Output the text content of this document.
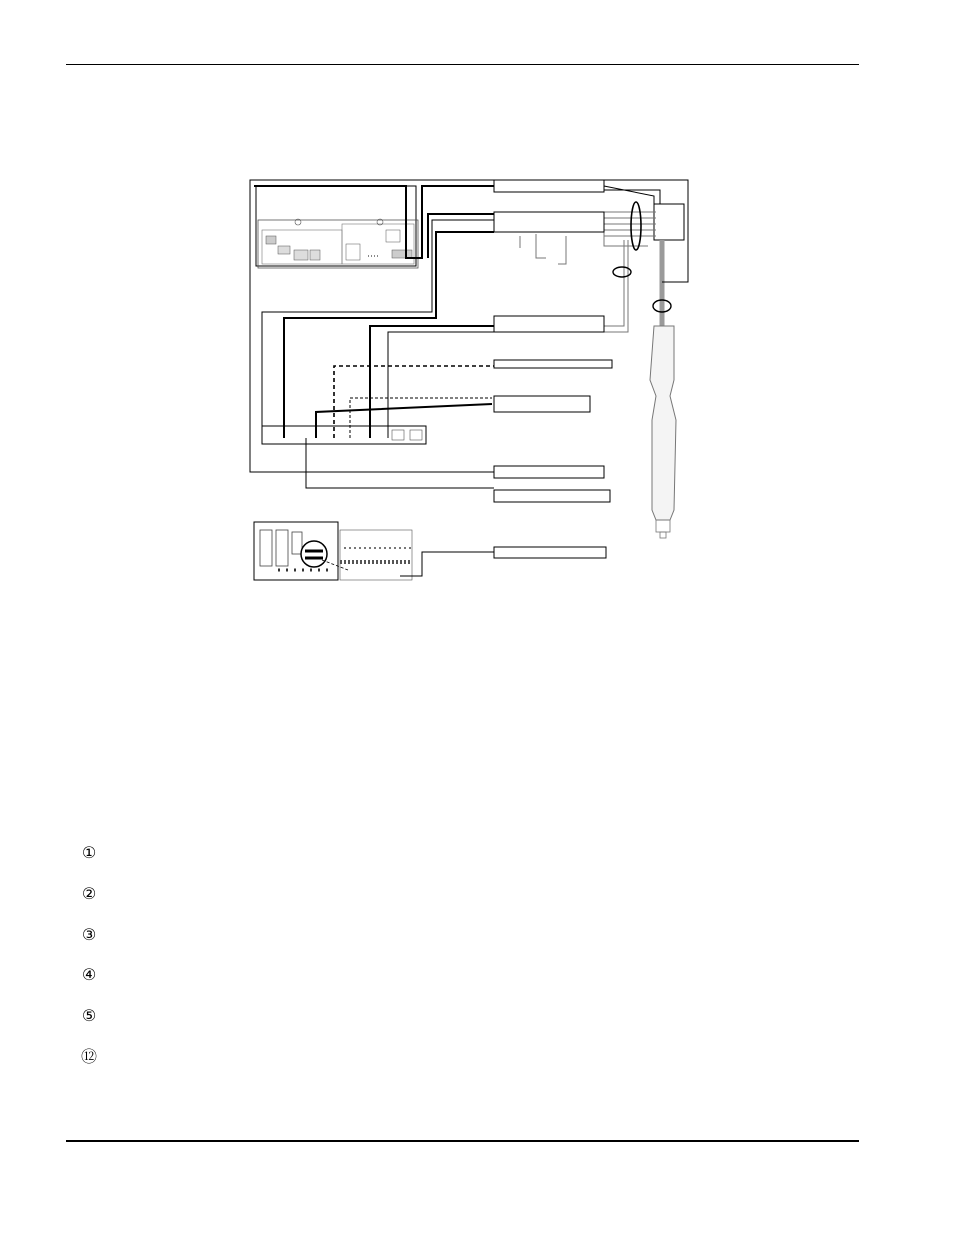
①
②
③
④
⑤
⑫
